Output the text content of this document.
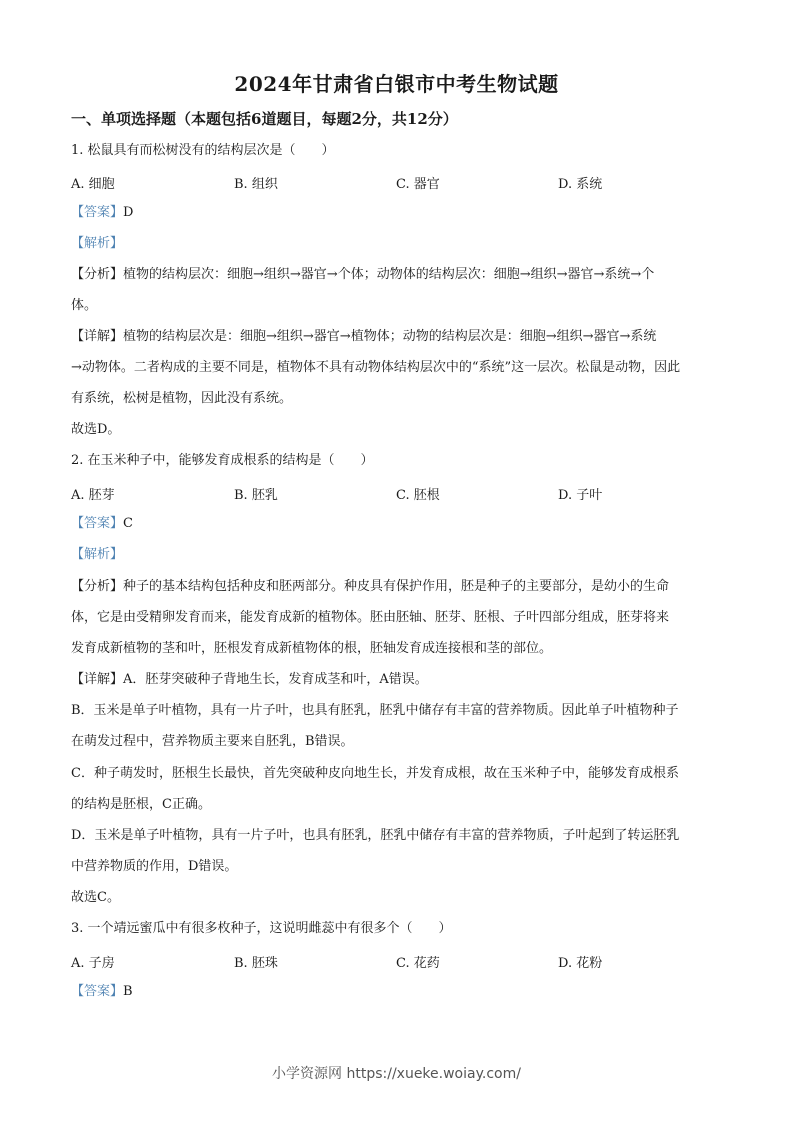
2024年甘肃省白银市中考生物试题
一、单项选择题（本题包括6道题目，每题2分，共12分）
1. 松鼠具有而松树没有的结构层次是（　　）
A. 细胞	B. 组织	C. 器官	D. 系统
【答案】D
【解析】
【分析】植物的结构层次：细胞→组织→器官→个体；动物体的结构层次：细胞→组织→器官→系统→个
体。
【详解】植物的结构层次是：细胞→组织→器官→植物体；动物的结构层次是：细胞→组织→器官→系统
→动物体。二者构成的主要不同是，植物体不具有动物体结构层次中的“系统”这一层次。松鼠是动物，因此
有系统，松树是植物，因此没有系统。
故选D。
2. 在玉米种子中，能够发育成根系的结构是（　　）
A. 胚芽	B. 胚乳	C. 胚根	D. 子叶
【答案】C
【解析】
【分析】种子的基本结构包括种皮和胚两部分。种皮具有保护作用，胚是种子的主要部分，是幼小的生命
体，它是由受精卵发育而来，能发育成新的植物体。胚由胚轴、胚芽、胚根、子叶四部分组成，胚芽将来
发育成新植物的茎和叶，胚根发育成新植物体的根，胚轴发育成连接根和茎的部位。
【详解】A．胚芽突破种子背地生长，发育成茎和叶，A错误。
B．玉米是单子叶植物，具有一片子叶，也具有胚乳，胚乳中储存有丰富的营养物质。因此单子叶植物种子
在萌发过程中，营养物质主要来自胚乳，B错误。
C．种子萌发时，胚根生长最快，首先突破种皮向地生长，并发育成根，故在玉米种子中，能够发育成根系
的结构是胚根，C正确。
D．玉米是单子叶植物，具有一片子叶，也具有胚乳，胚乳中储存有丰富的营养物质，子叶起到了转运胚乳
中营养物质的作用，D错误。
故选C。
3. 一个靖远蜜瓜中有很多枚种子，这说明雌蕊中有很多个（　　）
A. 子房	B. 胚珠	C. 花药	D. 花粉
【答案】B
小学资源网 https://xueke.woiay.com/
